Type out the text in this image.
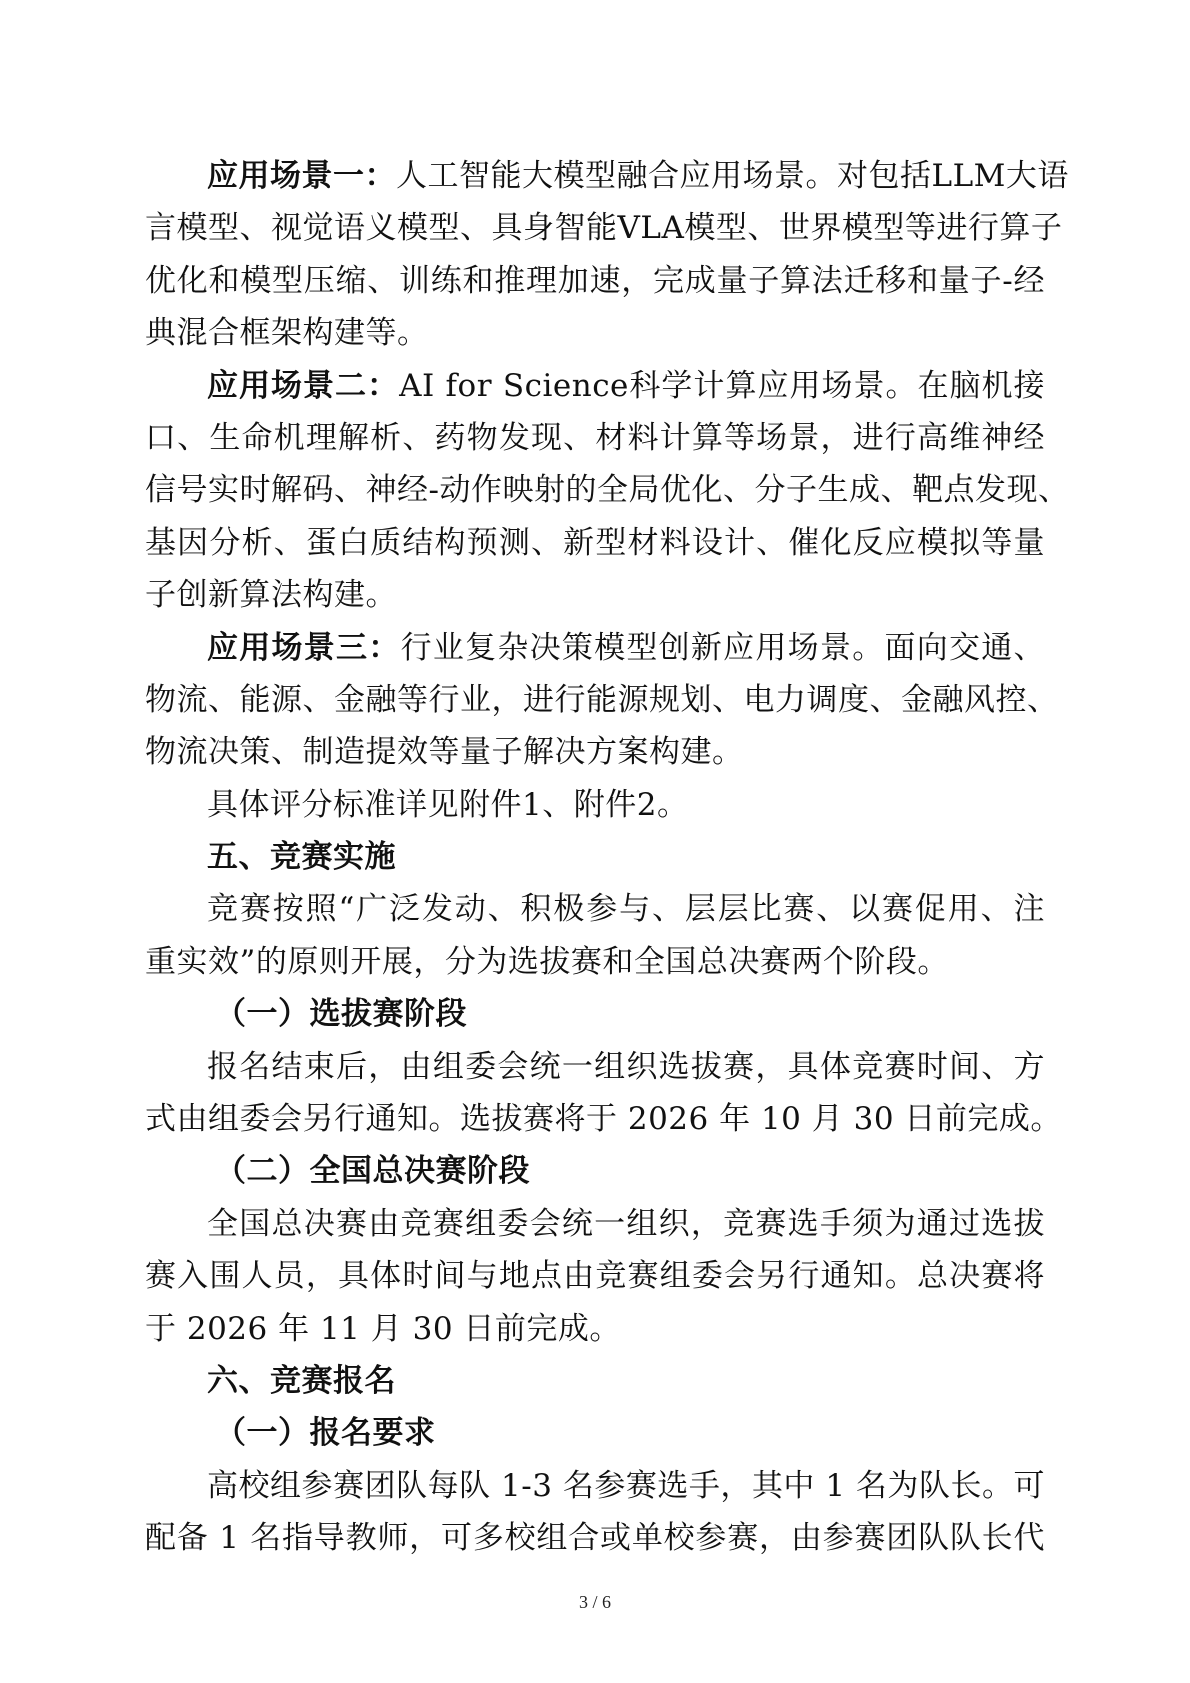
应用场景一：人工智能大模型融合应用场景。对包括LLM大语
言模型、视觉语义模型、具身智能VLA模型、世界模型等进行算子
优化和模型压缩、训练和推理加速，完成量子算法迁移和量子-经
典混合框架构建等。
应用场景二：AI for Science科学计算应用场景。在脑机接
口、生命机理解析、药物发现、材料计算等场景，进行高维神经
信号实时解码、神经-动作映射的全局优化、分子生成、靶点发现、
基因分析、蛋白质结构预测、新型材料设计、催化反应模拟等量
子创新算法构建。
应用场景三：行业复杂决策模型创新应用场景。面向交通、
物流、能源、金融等行业，进行能源规划、电力调度、金融风控、
物流决策、制造提效等量子解决方案构建。
具体评分标准详见附件1、附件2。
五、竞赛实施
竞赛按照“广泛发动、积极参与、层层比赛、以赛促用、注
重实效”的原则开展，分为选拔赛和全国总决赛两个阶段。
（一）选拔赛阶段
报名结束后，由组委会统一组织选拔赛，具体竞赛时间、方
式由组委会另行通知。选拔赛将于 2026 年 10 月 30 日前完成。
（二）全国总决赛阶段
全国总决赛由竞赛组委会统一组织，竞赛选手须为通过选拔
赛入围人员，具体时间与地点由竞赛组委会另行通知。总决赛将
于 2026 年 11 月 30 日前完成。
六、竞赛报名
（一）报名要求
高校组参赛团队每队 1-3 名参赛选手，其中 1 名为队长。可
配备 1 名指导教师，可多校组合或单校参赛，由参赛团队队长代
3 / 6
